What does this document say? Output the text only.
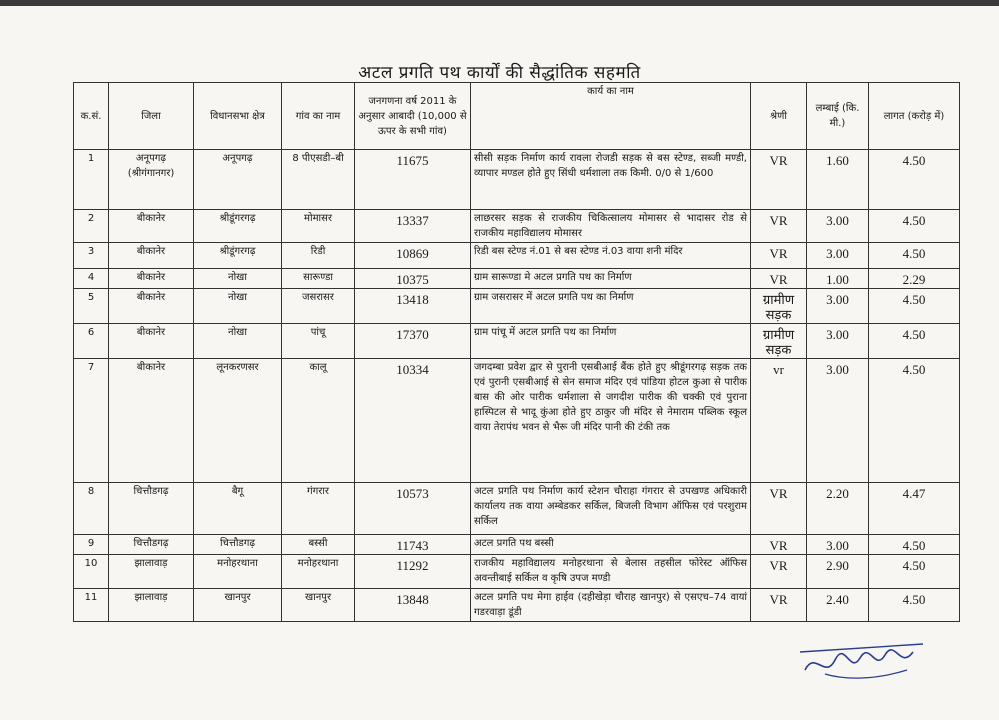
अटल प्रगति पथ कार्यों की सैद्धांतिक सहमति
क.सं.	जिला	विधानसभा क्षेत्र	गांव का नाम	जनगणना वर्ष 2011 के अनुसार आबादी (10,000 से ऊपर के सभी गांव)	कार्य का नाम	श्रेणी	लम्बाई (कि. मी.)	लागत (करोड़ में)
1	अनूपगढ़ (श्रीगंगानगर)	अनूपगढ़	8 पीएसडी–बी	11675	सीसी सड़क निर्माण कार्य रावला रोजडी सड़क से बस स्टेण्ड, सब्जी मण्डी, व्यापार मण्डल होते हुए सिंधी धर्मशाला तक किमी. 0/0 से 1/600	VR	1.60	4.50
2	बीकानेर	श्रीडूंगरगढ़	मोमासर	13337	लाछरसर सड़क से राजकीय चिकित्सालय मोमासर से भादासर रोड से राजकीय महाविद्यालय मोमासर	VR	3.00	4.50
3	बीकानेर	श्रीडूंगरगढ़	रिडी	10869	रिडी बस स्टेण्ड नं.01 से बस स्टेण्ड नं.03 वाया शनी मंदिर	VR	3.00	4.50
4	बीकानेर	नोखा	सारूण्डा	10375	ग्राम सारूण्डा मे अटल प्रगति पथ का निर्माण	VR	1.00	2.29
5	बीकानेर	नोखा	जसरासर	13418	ग्राम जसरासर में अटल प्रगति पथ का निर्माण	ग्रामीण सड़क	3.00	4.50
6	बीकानेर	नोखा	पांचू	17370	ग्राम पांचू में अटल प्रगति पथ का निर्माण	ग्रामीण सड़क	3.00	4.50
7	बीकानेर	लूनकरणसर	कालू	10334	जगदम्बा प्रवेश द्वार से पुरानी एसबीआई बैंक होते हुए श्रीडूंगरगढ़ सड़क तक एवं पुरानी एसबीआई से सेन समाज मंदिर एवं पांडिया होटल कुआ से पारीक बास की ओर पारीक धर्मशाला से जगदीश पारीक की चक्की एवं पुराना हास्पिटल से भादू कुंआ होते हुए ठाकुर जी मंदिर से नेमाराम पब्लिक स्कूल वाया तेरापंथ भवन से भैरू जी मंदिर पानी की टंकी तक	vr	3.00	4.50
8	चित्तौडगढ़	बैगू	गंगरार	10573	अटल प्रगति पथ निर्माण कार्य स्टेशन चौराहा गंगरार से उपखण्ड अधिकारी कार्यालय तक वाया अम्बेडकर सर्किल, बिजली विभाग ऑफिस एवं परशुराम सर्किल	VR	2.20	4.47
9	चित्तौडगढ़	चित्तौडगढ़	बस्सी	11743	अटल प्रगति पथ बस्सी	VR	3.00	4.50
10	झालावाड़	मनोहरथाना	मनोहरथाना	11292	राजकीय महाविद्यालय मनोहरथाना से बेलास तहसील फोरेस्ट ऑफिस अवन्तीबाई सर्किल व कृषि उपज मण्डी	VR	2.90	4.50
11	झालावाड़	खानपुर	खानपुर	13848	अटल प्रगति पथ मेगा हाईव (दहीखेड़ा चौराह खानपुर) से एसएच–74 वायां गडरवाड़ा डूंडी	VR	2.40	4.50
